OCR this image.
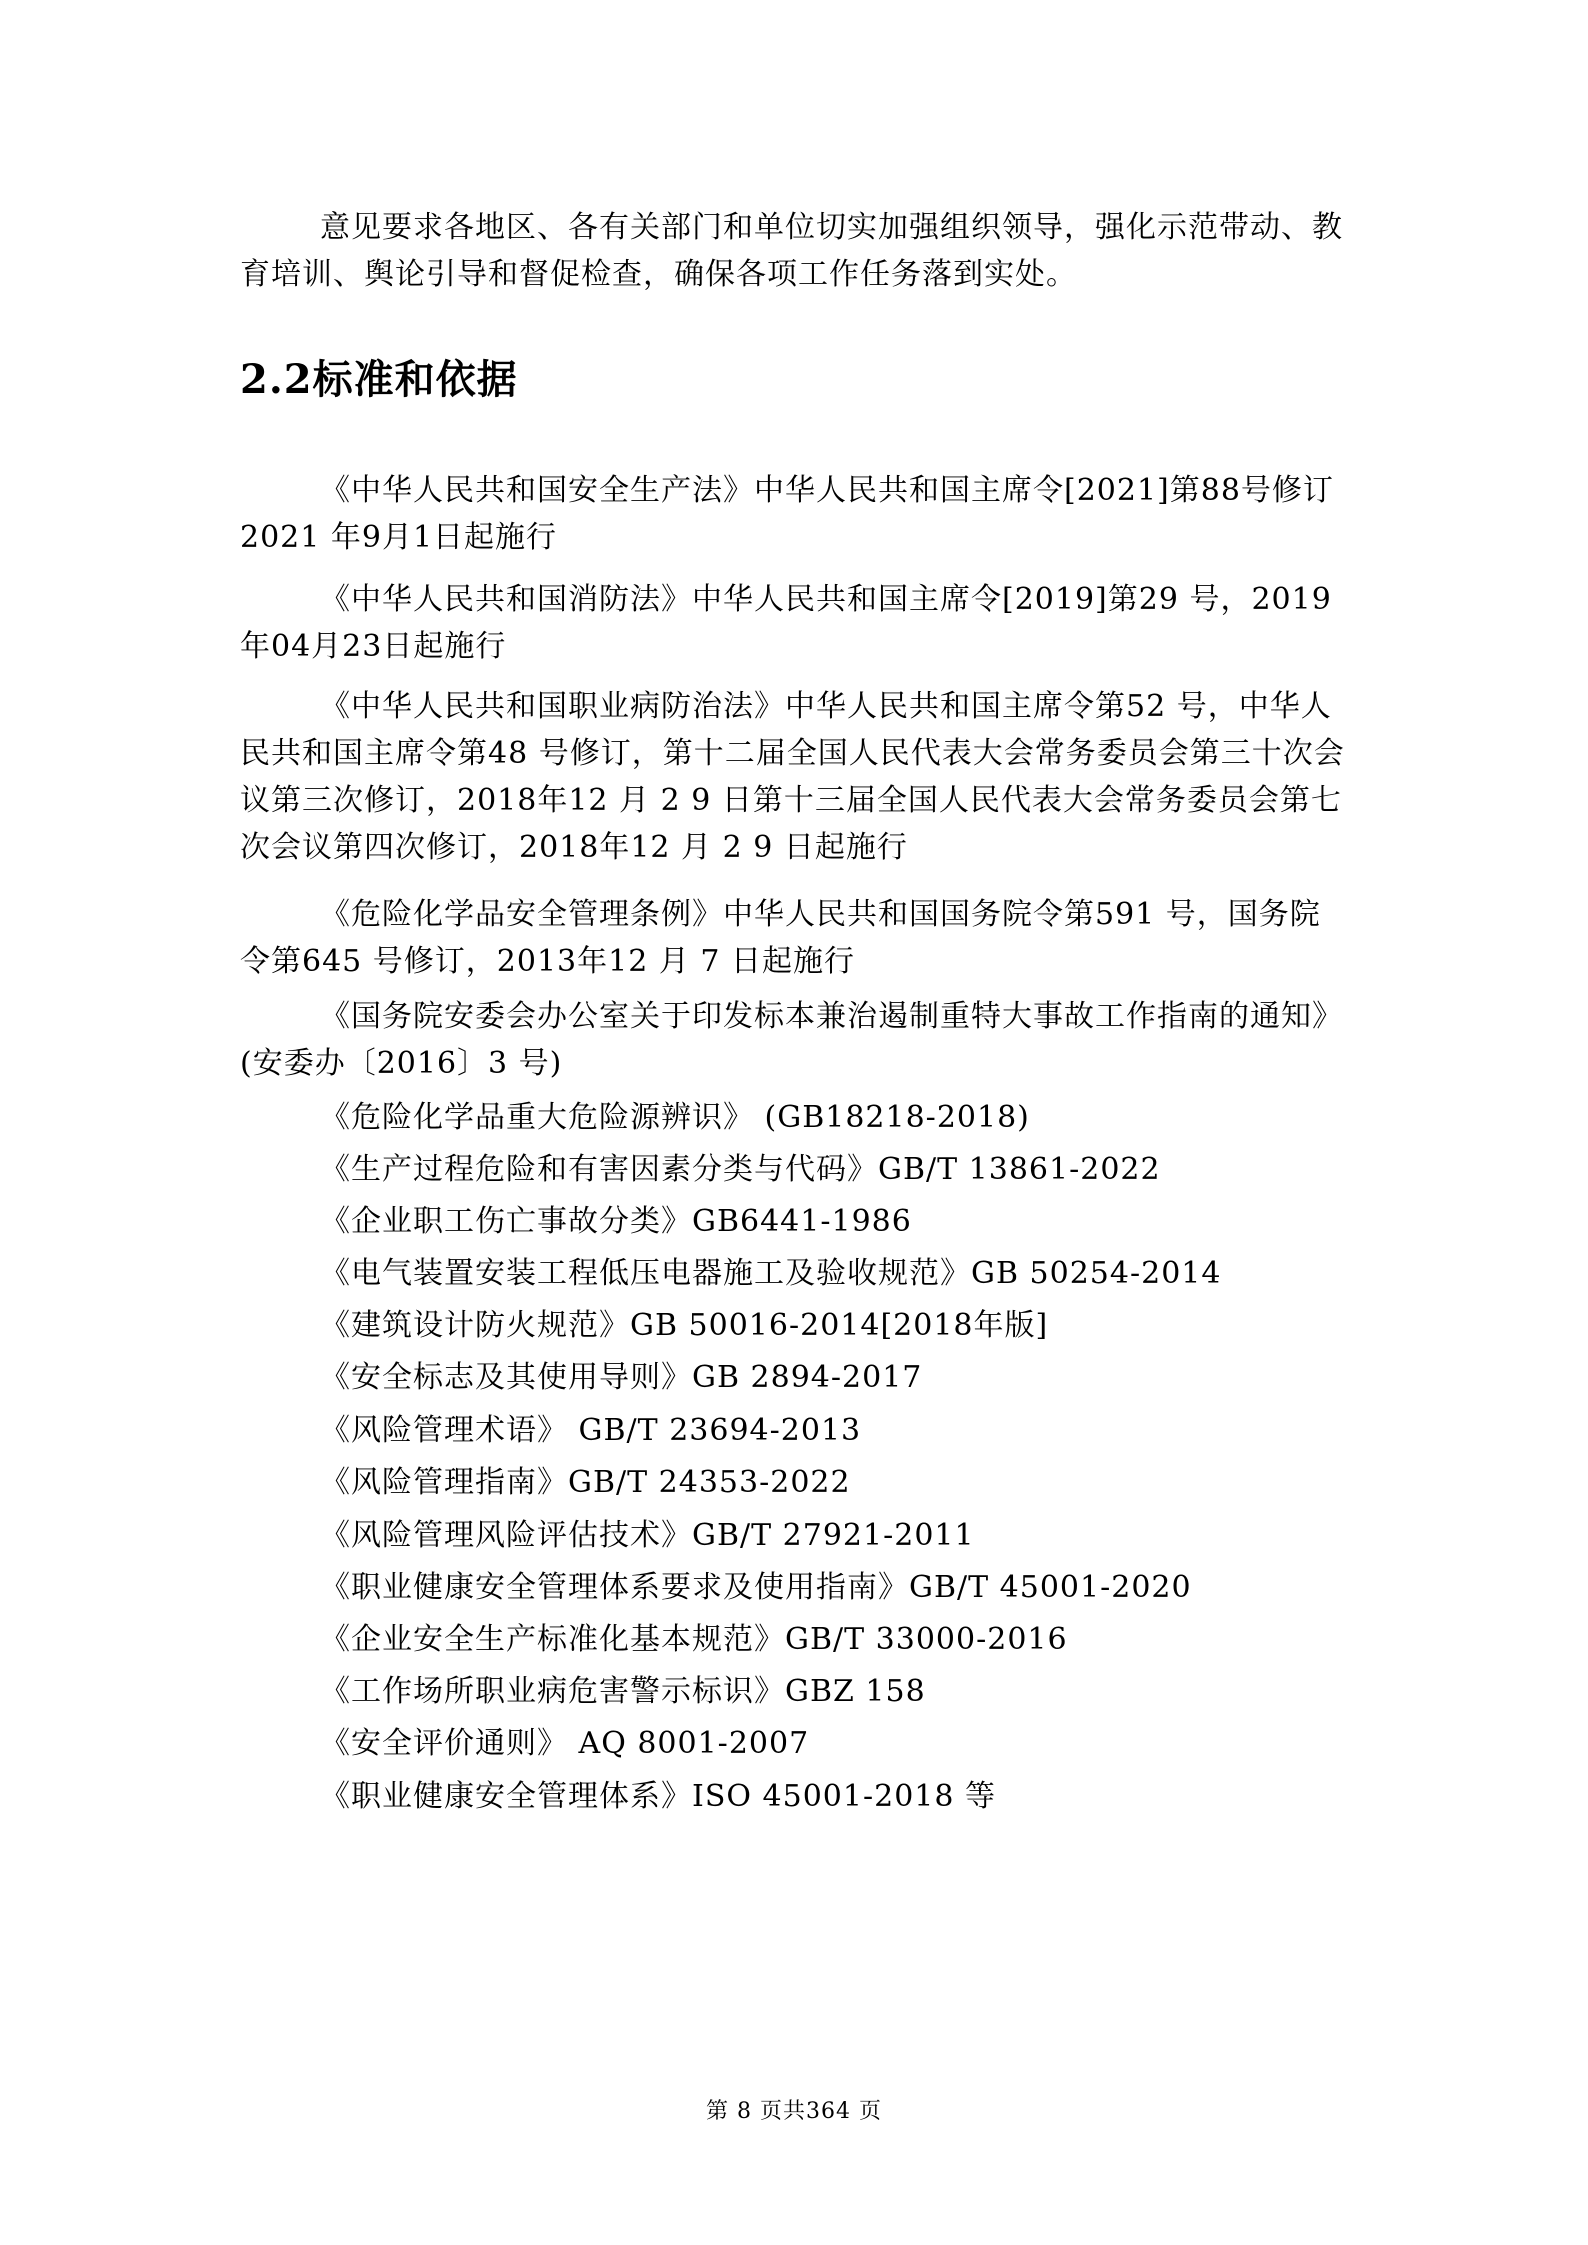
意见要求各地区、各有关部门和单位切实加强组织领导，强化示范带动、教育培训、舆论引导和督促检查，确保各项工作任务落到实处。

2.2标准和依据

《中华人民共和国安全生产法》中华人民共和国主席令[2021]第88号修订 2021 年9月1日起施行

《中华人民共和国消防法》中华人民共和国主席令[2019]第29 号，2019 年04月23日起施行

《中华人民共和国职业病防治法》中华人民共和国主席令第52 号，中华人民共和国主席令第48 号修订，第十二届全国人民代表大会常务委员会第三十次会议第三次修订，2018年12 月 2 9 日第十三届全国人民代表大会常务委员会第七次会议第四次修订，2018年12 月 2 9 日起施行

《危险化学品安全管理条例》中华人民共和国国务院令第591 号，国务院令第645 号修订，2013年12 月 7 日起施行

《国务院安委会办公室关于印发标本兼治遏制重特大事故工作指南的通知》 (安委办〔2016〕3 号)

《危险化学品重大危险源辨识》 (GB18218-2018)
《生产过程危险和有害因素分类与代码》GB/T 13861-2022
《企业职工伤亡事故分类》GB6441-1986
《电气装置安装工程低压电器施工及验收规范》GB 50254-2014
《建筑设计防火规范》GB 50016-2014[2018年版]
《安全标志及其使用导则》GB 2894-2017
《风险管理术语》 GB/T 23694-2013
《风险管理指南》GB/T 24353-2022
《风险管理风险评估技术》GB/T 27921-2011
《职业健康安全管理体系要求及使用指南》GB/T 45001-2020
《企业安全生产标准化基本规范》GB/T 33000-2016
《工作场所职业病危害警示标识》GBZ 158
《安全评价通则》 AQ 8001-2007
《职业健康安全管理体系》ISO 45001-2018 等
第 8 页共364 页
